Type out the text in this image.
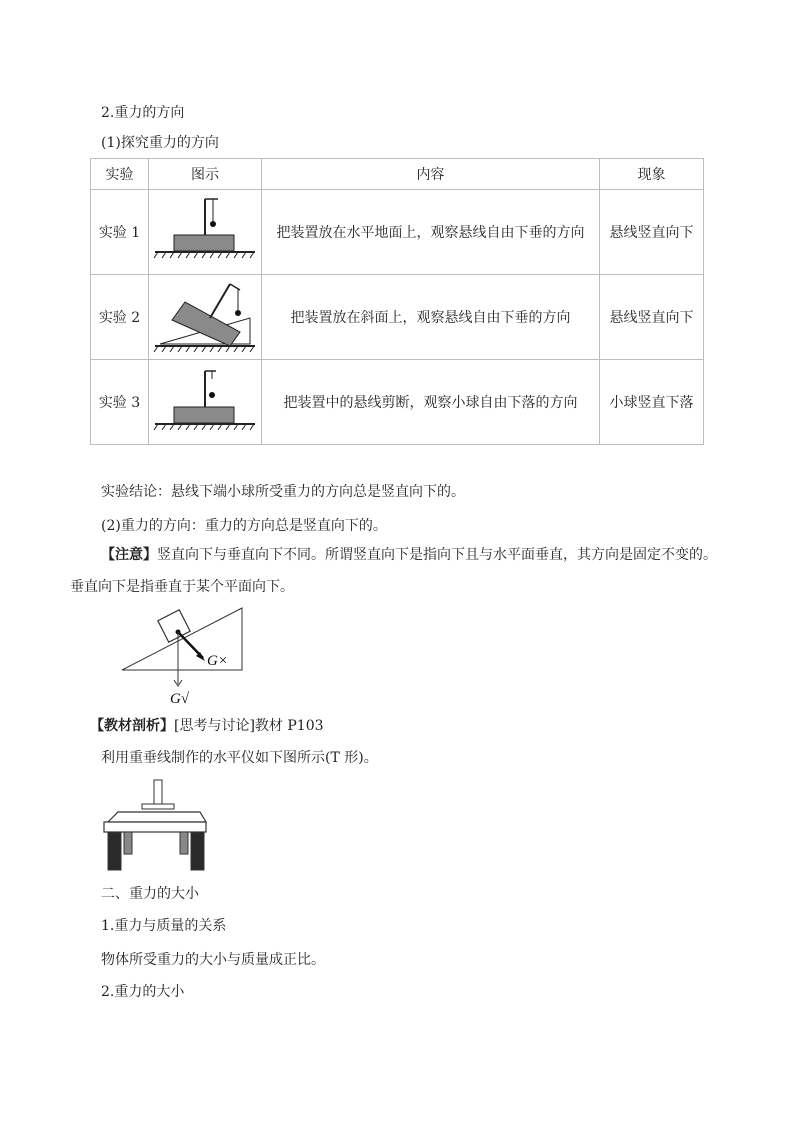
2.重力的方向
(1)探究重力的方向
实验	图示	内容	现象
实验 1		把装置放在水平地面上，观察悬线自由下垂的方向	悬线竖直向下
实验 2		把装置放在斜面上，观察悬线自由下垂的方向	悬线竖直向下
实验 3		把装置中的悬线剪断，观察小球自由下落的方向	小球竖直下落
实验结论：悬线下端小球所受重力的方向总是竖直向下的。
(2)重力的方向：重力的方向总是竖直向下的。
【注意】竖直向下与垂直向下不同。所谓竖直向下是指向下且与水平面垂直，其方向是固定不变的。
垂直向下是指垂直于某个平面向下。
G×
G√
【教材剖析】[思考与讨论]教材 P103
利用重垂线制作的水平仪如下图所示(T 形)。
二、重力的大小
1.重力与质量的关系
物体所受重力的大小与质量成正比。
2.重力的大小
